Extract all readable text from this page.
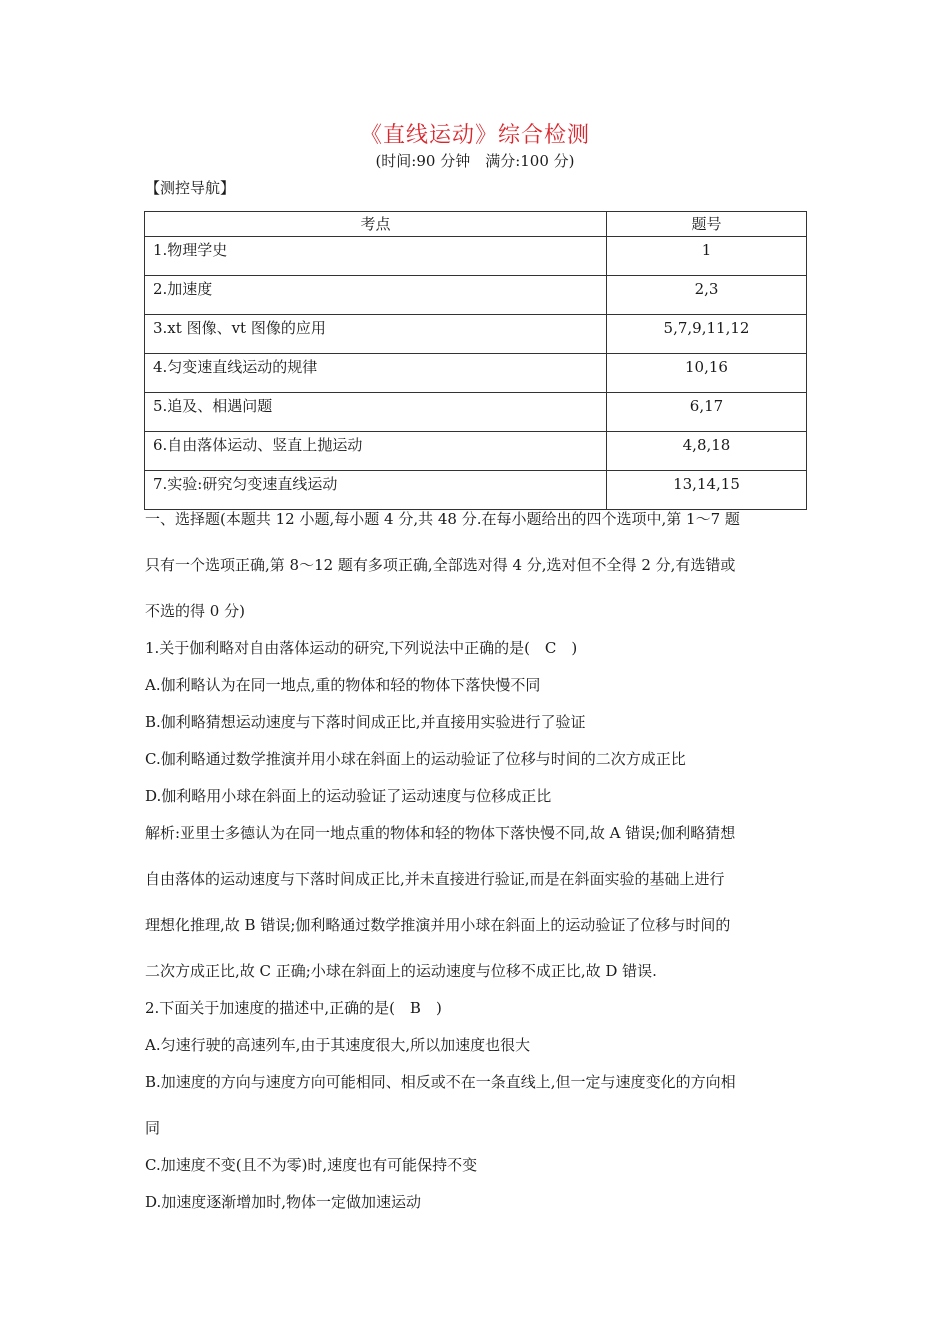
《直线运动》综合检测
(时间:90 分钟　满分:100 分)
【测控导航】
考点	题号
1.物理学史	1
2.加速度	2,3
3.xt 图像、vt 图像的应用	5,7,9,11,12
4.匀变速直线运动的规律	10,16
5.追及、相遇问题	6,17
6.自由落体运动、竖直上抛运动	4,8,18
7.实验:研究匀变速直线运动	13,14,15
一、选择题(本题共 12 小题,每小题 4 分,共 48 分.在每小题给出的四个选项中,第 1～7 题
只有一个选项正确,第 8～12 题有多项正确,全部选对得 4 分,选对但不全得 2 分,有选错或
不选的得 0 分)
1.关于伽利略对自由落体运动的研究,下列说法中正确的是(　C　)
A.伽利略认为在同一地点,重的物体和轻的物体下落快慢不同
B.伽利略猜想运动速度与下落时间成正比,并直接用实验进行了验证
C.伽利略通过数学推演并用小球在斜面上的运动验证了位移与时间的二次方成正比
D.伽利略用小球在斜面上的运动验证了运动速度与位移成正比
解析:亚里士多德认为在同一地点重的物体和轻的物体下落快慢不同,故 A 错误;伽利略猜想
自由落体的运动速度与下落时间成正比,并未直接进行验证,而是在斜面实验的基础上进行
理想化推理,故 B 错误;伽利略通过数学推演并用小球在斜面上的运动验证了位移与时间的
二次方成正比,故 C 正确;小球在斜面上的运动速度与位移不成正比,故 D 错误.
2.下面关于加速度的描述中,正确的是(　B　)
A.匀速行驶的高速列车,由于其速度很大,所以加速度也很大
B.加速度的方向与速度方向可能相同、相反或不在一条直线上,但一定与速度变化的方向相
同
C.加速度不变(且不为零)时,速度也有可能保持不变
D.加速度逐渐增加时,物体一定做加速运动
